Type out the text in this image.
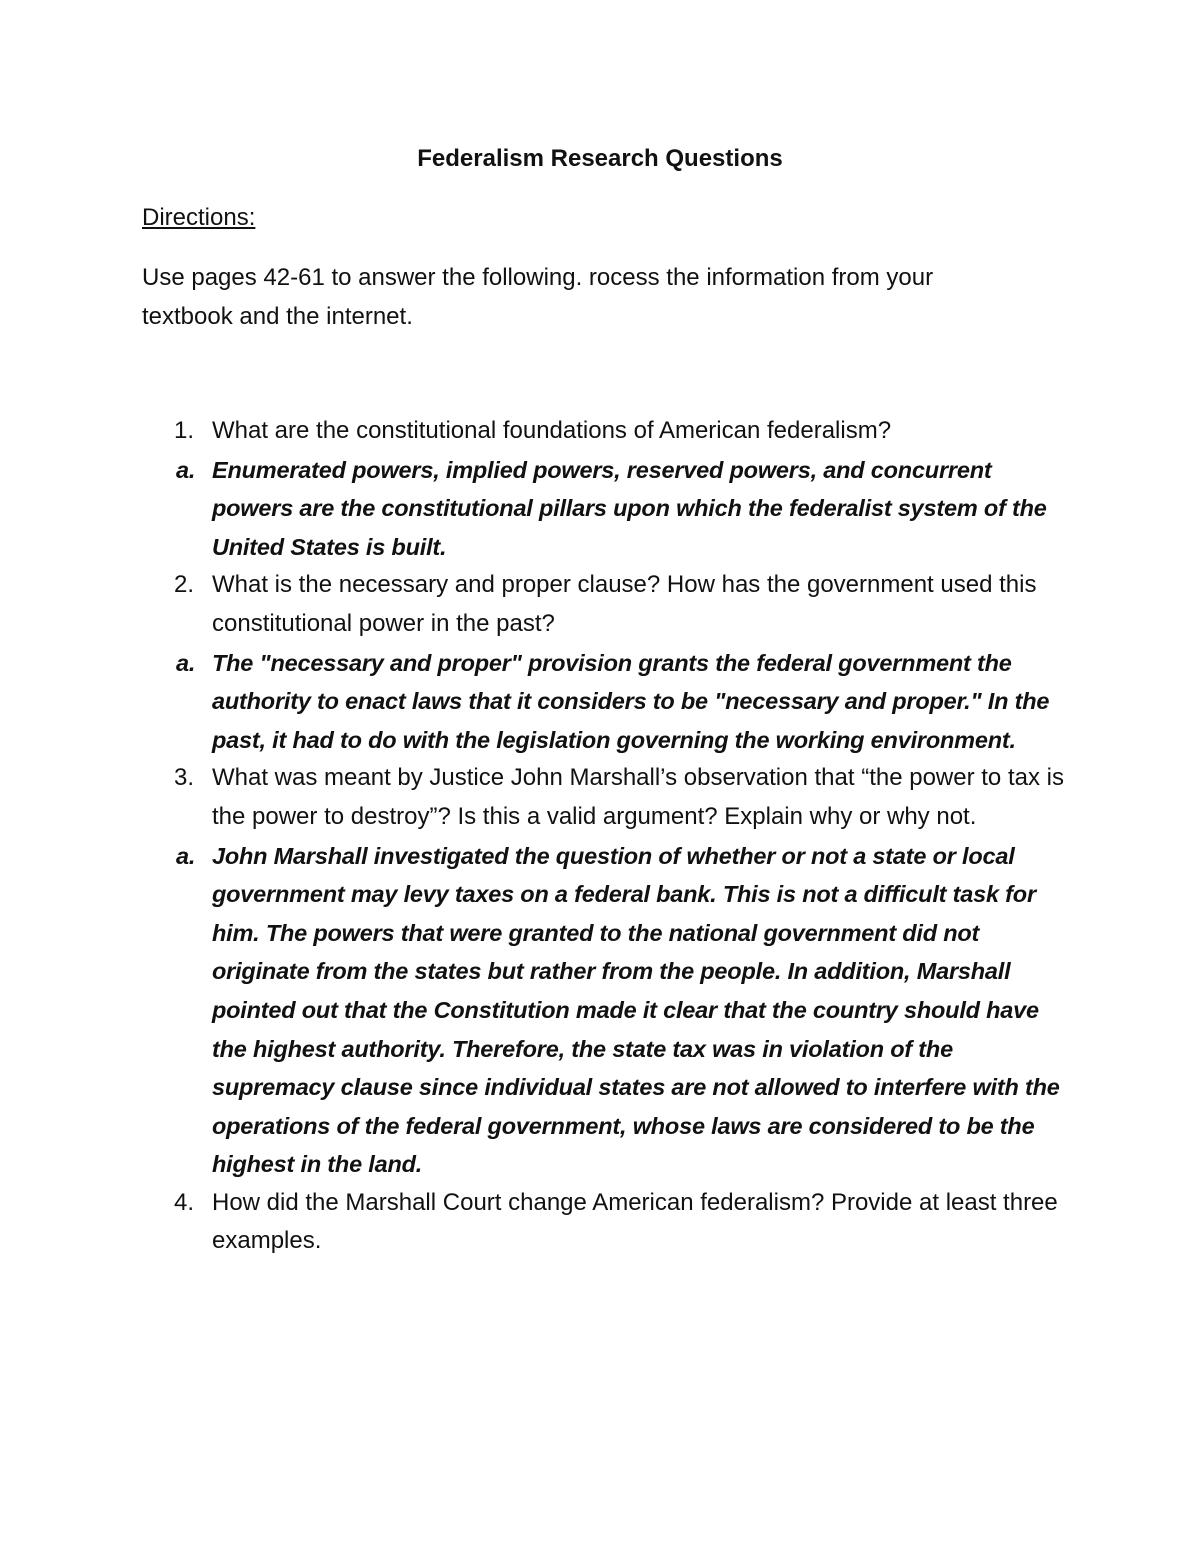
Federalism Research Questions
Directions:

Use pages 42-61 to answer the following. rocess the information from your textbook and the internet.

1. What are the constitutional foundations of American federalism?
a. Enumerated powers, implied powers, reserved powers, and concurrent powers are the constitutional pillars upon which the federalist system of the United States is built.
2. What is the necessary and proper clause? How has the government used this constitutional power in the past?
a. The "necessary and proper" provision grants the federal government the authority to enact laws that it considers to be "necessary and proper." In the past, it had to do with the legislation governing the working environment.
3. What was meant by Justice John Marshall’s observation that “the power to tax is the power to destroy”? Is this a valid argument? Explain why or why not.
a. John Marshall investigated the question of whether or not a state or local government may levy taxes on a federal bank. This is not a difficult task for him. The powers that were granted to the national government did not originate from the states but rather from the people. In addition, Marshall pointed out that the Constitution made it clear that the country should have the highest authority. Therefore, the state tax was in violation of the supremacy clause since individual states are not allowed to interfere with the operations of the federal government, whose laws are considered to be the highest in the land.
4. How did the Marshall Court change American federalism? Provide at least three examples.
